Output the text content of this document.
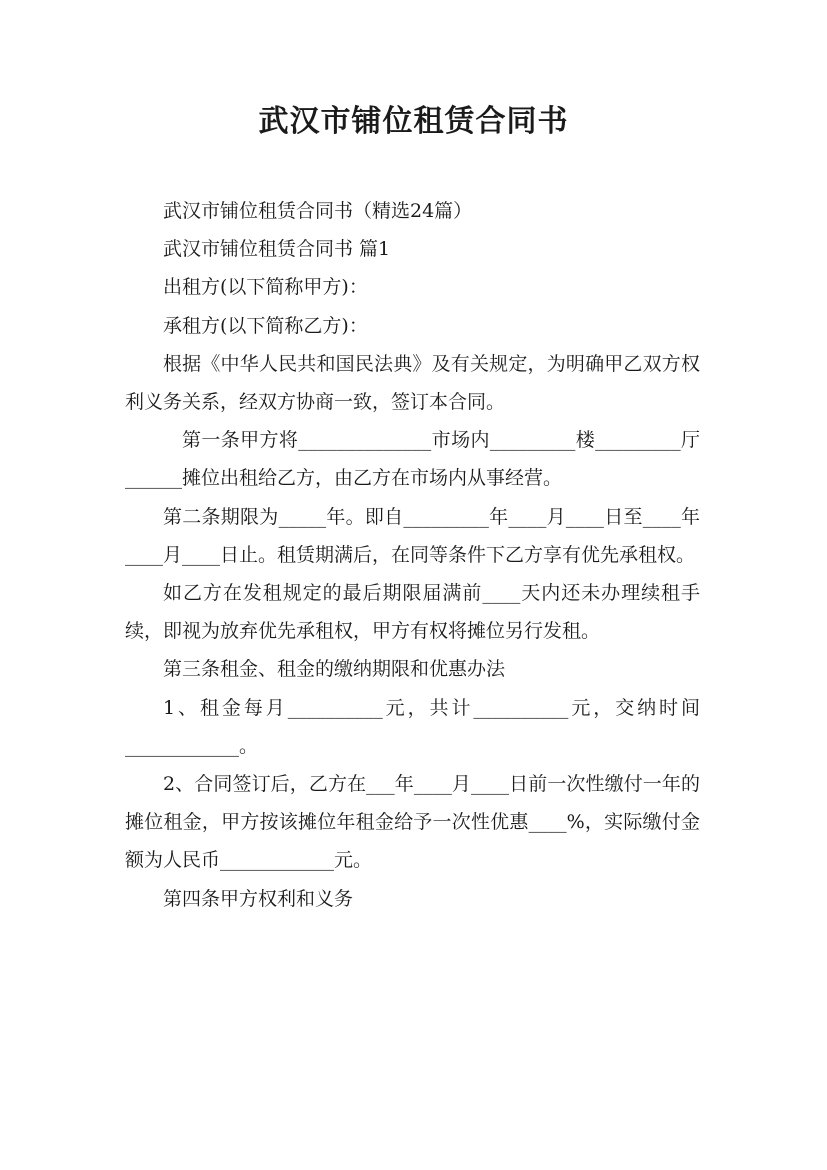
武汉市铺位租赁合同书

武汉市铺位租赁合同书（精选24篇）

武汉市铺位租赁合同书 篇1

出租方(以下简称甲方)：

承租方(以下简称乙方)：

根据《中华人民共和国民法典》及有关规定，为明确甲乙双方权利义务关系，经双方协商一致，签订本合同。

第一条甲方将______________市场内_________楼_________厅______摊位出租给乙方，由乙方在市场内从事经营。

第二条期限为_____年。即自_________年____月____日至____年____月____日止。租赁期满后，在同等条件下乙方享有优先承租权。

如乙方在发租规定的最后期限届满前____天内还未办理续租手续，即视为放弃优先承租权，甲方有权将摊位另行发租。

第三条租金、租金的缴纳期限和优惠办法

1、租金每月__________元，共计__________元，交纳时间____________。

2、合同签订后，乙方在___年____月____日前一次性缴付一年的摊位租金，甲方按该摊位年租金给予一次性优惠____%，实际缴付金额为人民币____________元。

第四条甲方权利和义务
